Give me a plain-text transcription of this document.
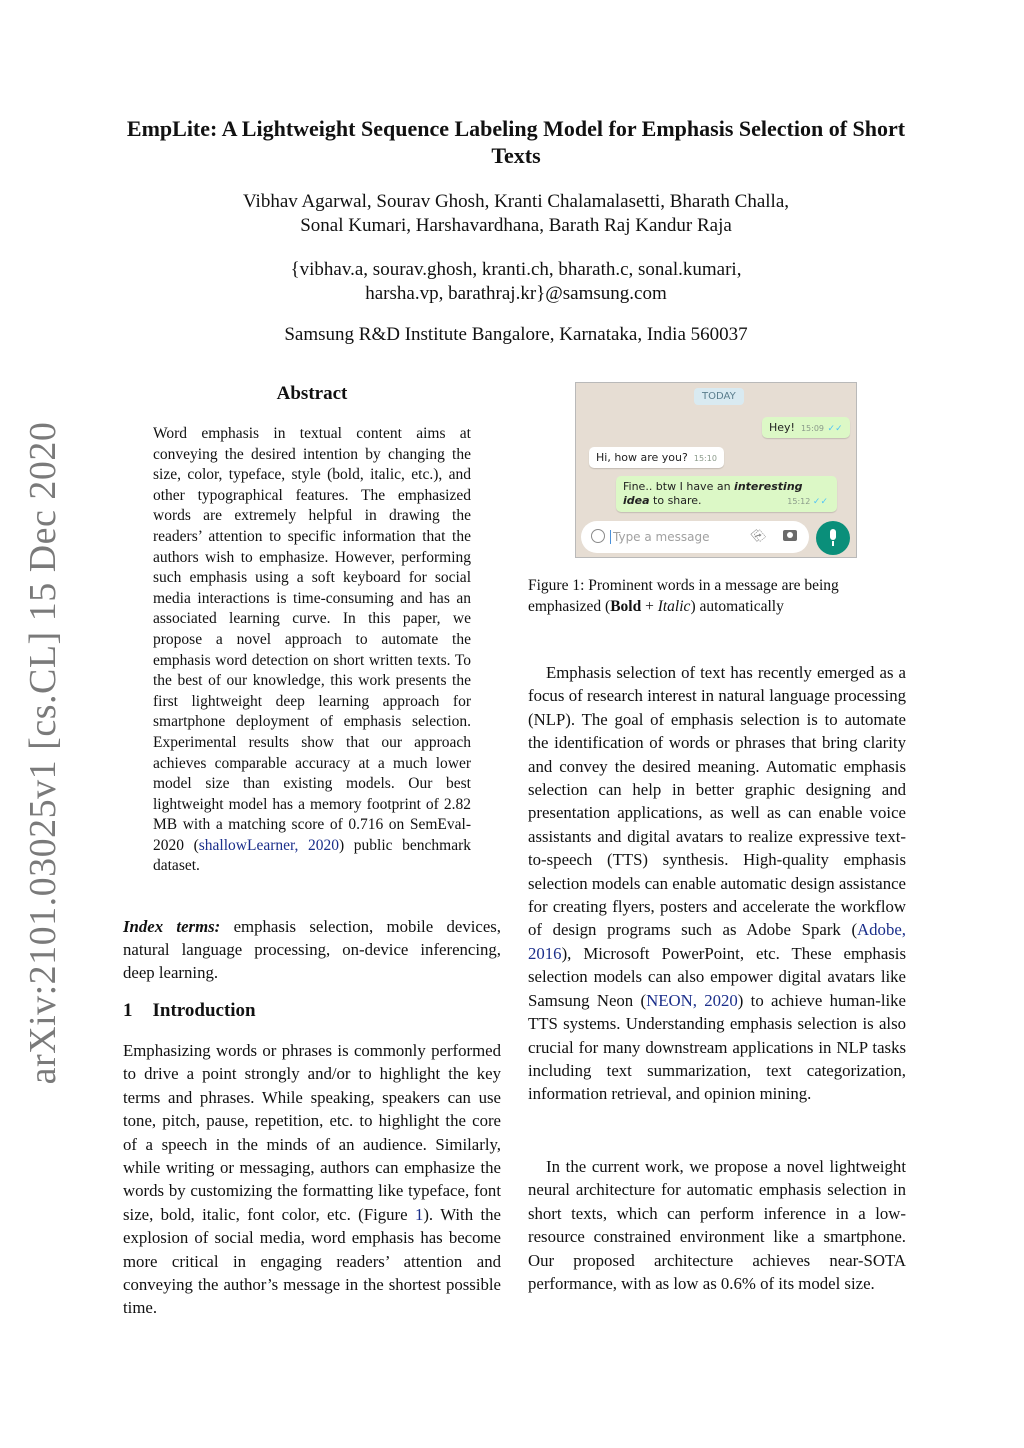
arXiv:2101.03025v1 [cs.CL] 15 Dec 2020
EmpLite: A Lightweight Sequence Labeling Model for Emphasis Selection of Short Texts
Vibhav Agarwal, Sourav Ghosh, Kranti Chalamalasetti, Bharath Challa,
Sonal Kumari, Harshavardhana, Barath Raj Kandur Raja
{vibhav.a, sourav.ghosh, kranti.ch, bharath.c, sonal.kumari,
harsha.vp, barathraj.kr}@samsung.com
Samsung R&D Institute Bangalore, Karnataka, India 560037
Abstract
Word emphasis in textual content aims at conveying the desired intention by changing the size, color, typeface, style (bold, italic, etc.), and other typographical features. The emphasized words are extremely helpful in drawing the readers’ attention to specific information that the authors wish to emphasize. However, performing such emphasis using a soft keyboard for social media interactions is time-consuming and has an associated learning curve. In this paper, we propose a novel approach to automate the emphasis word detection on short written texts. To the best of our knowledge, this work presents the first lightweight deep learning approach for smartphone deployment of emphasis selection. Experimental results show that our approach achieves comparable accuracy at a much lower model size than existing models. Our best lightweight model has a memory footprint of 2.82 MB with a matching score of 0.716 on SemEval-2020 (shallowLearner, 2020) public benchmark dataset.
Index terms: emphasis selection, mobile devices, natural language processing, on-device inferencing, deep learning.
1 Introduction
Emphasizing words or phrases is commonly performed to drive a point strongly and/or to highlight the key terms and phrases. While speaking, speakers can use tone, pitch, pause, repetition, etc. to highlight the core of a speech in the minds of an audience. Similarly, while writing or messaging, authors can emphasize the words by customizing the formatting like typeface, font size, bold, italic, font color, etc. (Figure 1). With the explosion of social media, word emphasis has become more critical in engaging readers’ attention and conveying the author’s message in the shortest possible time.
TODAY
Hey! 15:09 ✓✓
Hi, how are you? 15:10
Fine.. btw I have an interesting idea to share.	15:12 ✓✓
Type a message	⎘
Figure 1: Prominent words in a message are being emphasized (Bold + Italic) automatically
Emphasis selection of text has recently emerged as a focus of research interest in natural language processing (NLP). The goal of emphasis selection is to automate the identification of words or phrases that bring clarity and convey the desired meaning. Automatic emphasis selection can help in better graphic designing and presentation applications, as well as can enable voice assistants and digital avatars to realize expressive text-to-speech (TTS) synthesis. High-quality emphasis selection models can enable automatic design assistance for creating flyers, posters and accelerate the workflow of design programs such as Adobe Spark (Adobe, 2016), Microsoft PowerPoint, etc. These emphasis selection models can also empower digital avatars like Samsung Neon (NEON, 2020) to achieve human-like TTS systems. Understanding emphasis selection is also crucial for many downstream applications in NLP tasks including text summarization, text categorization, information retrieval, and opinion mining.
In the current work, we propose a novel lightweight neural architecture for automatic emphasis selection in short texts, which can perform inference in a low-resource constrained environment like a smartphone. Our proposed architecture achieves near-SOTA performance, with as low as 0.6% of its model size.
